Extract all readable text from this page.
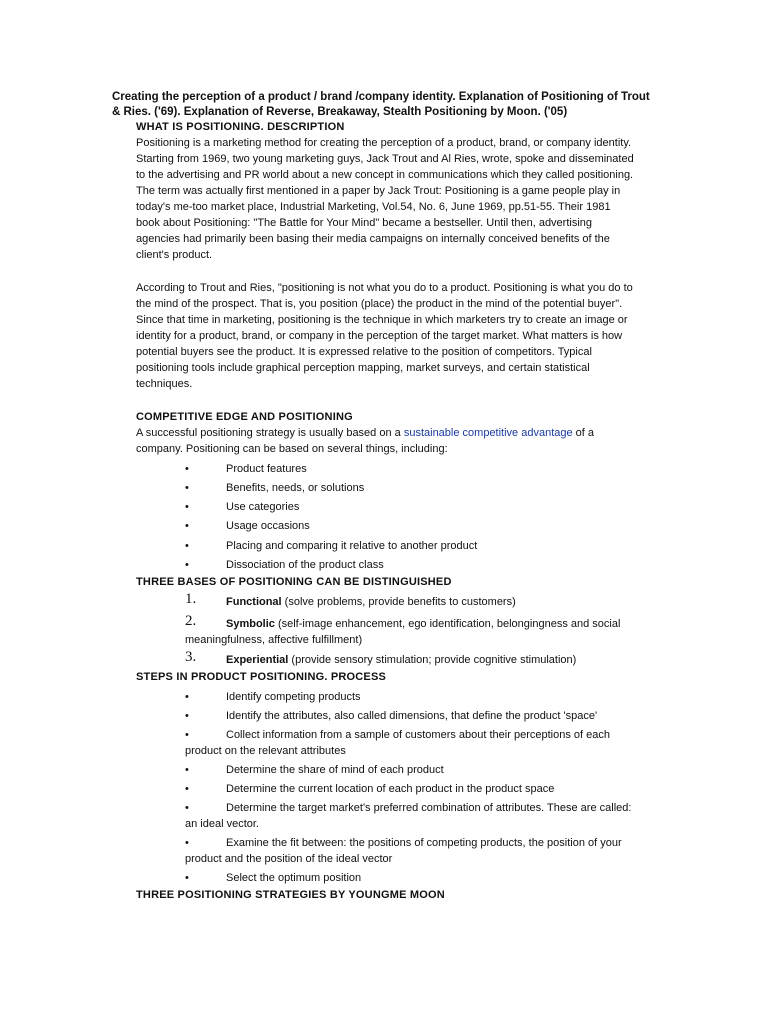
Creating the perception of a product / brand /company identity. Explanation of Positioning of Trout & Ries. ('69). Explanation of Reverse, Breakaway, Stealth Positioning by Moon. ('05)

WHAT IS POSITIONING. DESCRIPTION

Positioning is a marketing method for creating the perception of a product, brand, or company identity. Starting from 1969, two young marketing guys, Jack Trout and Al Ries, wrote, spoke and disseminated to the advertising and PR world about a new concept in communications which they called positioning. The term was actually first mentioned in a paper by Jack Trout: Positioning is a game people play in today's me-too market place, Industrial Marketing, Vol.54, No. 6, June 1969, pp.51-55. Their 1981 book about Positioning: "The Battle for Your Mind" became a bestseller. Until then, advertising agencies had primarily been basing their media campaigns on internally conceived benefits of the client's product.

According to Trout and Ries, "positioning is not what you do to a product. Positioning is what you do to the mind of the prospect. That is, you position (place) the product in the mind of the potential buyer". Since that time in marketing, positioning is the technique in which marketers try to create an image or identity for a product, brand, or company in the perception of the target market. What matters is how potential buyers see the product. It is expressed relative to the position of competitors. Typical positioning tools include graphical perception mapping, market surveys, and certain statistical techniques.

COMPETITIVE EDGE AND POSITIONING

A successful positioning strategy is usually based on a sustainable competitive advantage of a company. Positioning can be based on several things, including:

•	Product features
•	Benefits, needs, or solutions
•	Use categories
•	Usage occasions
•	Placing and comparing it relative to another product
•	Dissociation of the product class

THREE BASES OF POSITIONING CAN BE DISTINGUISHED

1.	Functional (solve problems, provide benefits to customers)
2.	Symbolic (self-image enhancement, ego identification, belongingness and social
meaningfulness, affective fulfillment)
3.	Experiential (provide sensory stimulation; provide cognitive stimulation)

STEPS IN PRODUCT POSITIONING. PROCESS

•	Identify competing products
•	Identify the attributes, also called dimensions, that define the product 'space'
•	Collect information from a sample of customers about their perceptions of each
product on the relevant attributes
•	Determine the share of mind of each product
•	Determine the current location of each product in the product space
•	Determine the target market's preferred combination of attributes. These are called:
an ideal vector.
•	Examine the fit between: the positions of competing products, the position of your
product and the position of the ideal vector
•	Select the optimum position

THREE POSITIONING STRATEGIES BY YOUNGME MOON
